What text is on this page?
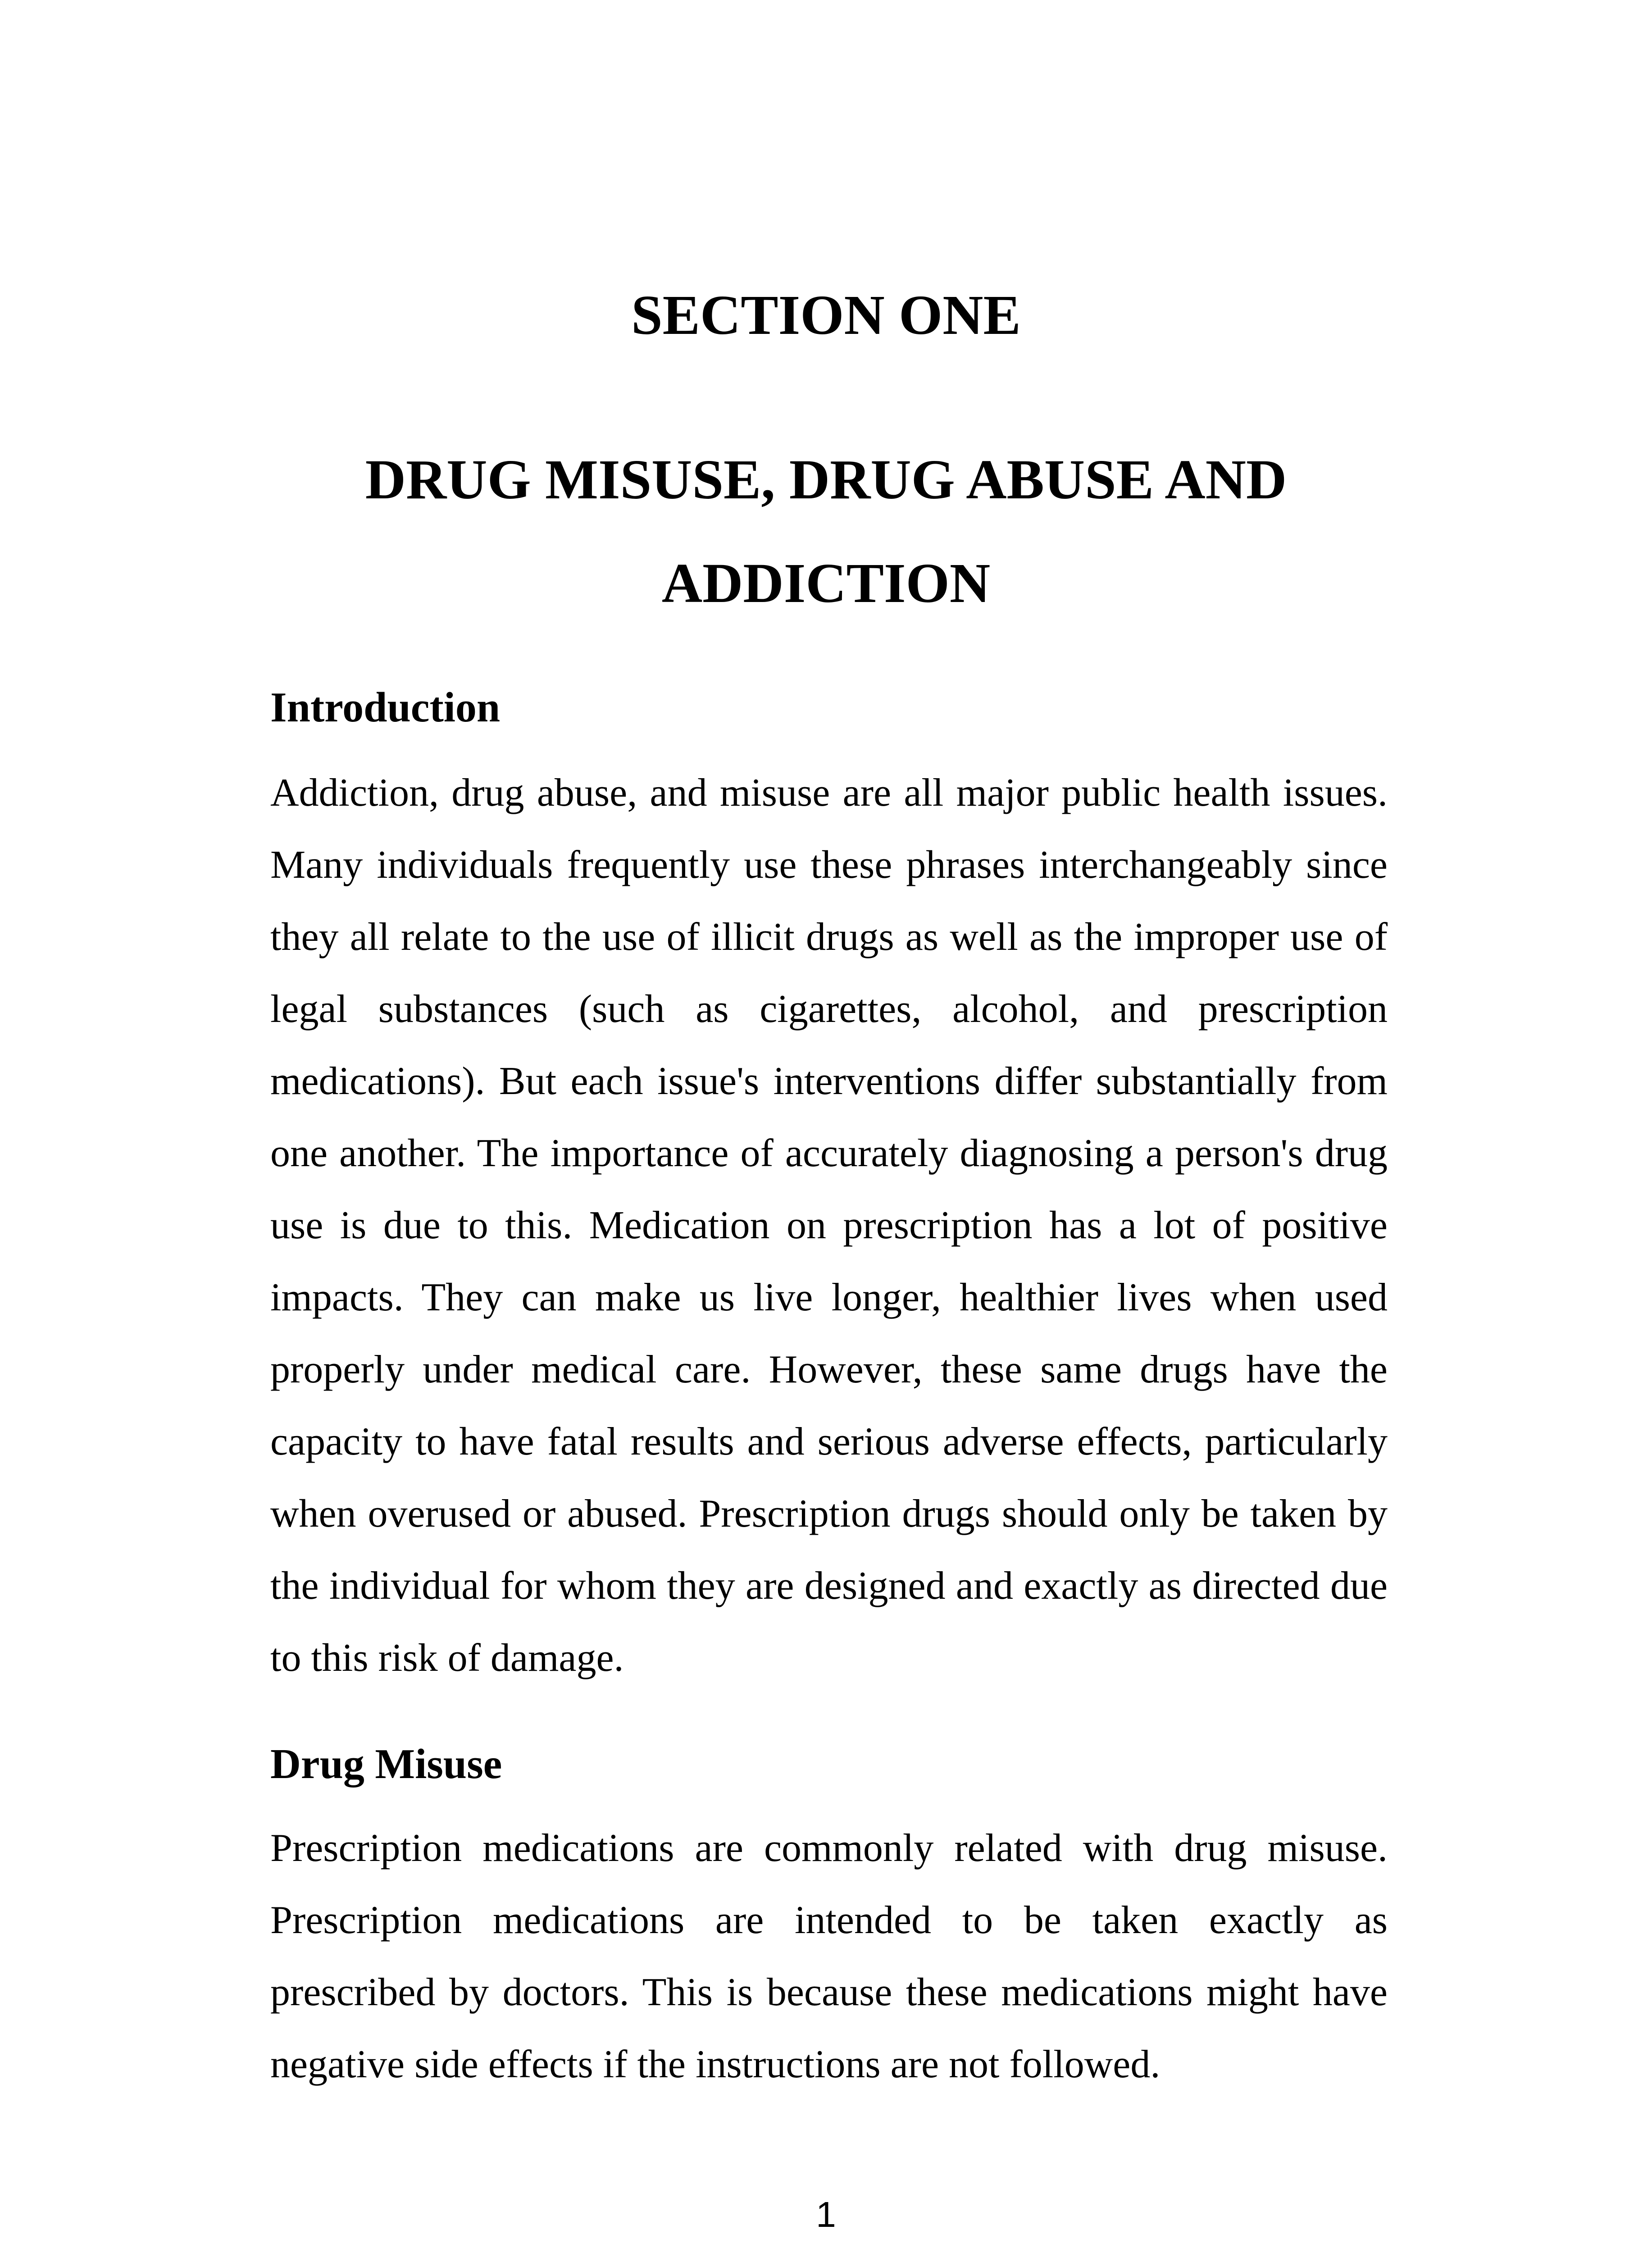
SECTION ONE
DRUG MISUSE, DRUG ABUSE AND
ADDICTION
Introduction

Addiction, drug abuse, and misuse are all major public health issues. Many individuals frequently use these phrases interchangeably since they all relate to the use of illicit drugs as well as the improper use of legal substances (such as cigarettes, alcohol, and prescription medications). But each issue's interventions differ substantially from one another. The importance of accurately diagnosing a person's drug use is due to this. Medication on prescription has a lot of positive impacts. They can make us live longer, healthier lives when used properly under medical care. However, these same drugs have the capacity to have fatal results and serious adverse effects, particularly when overused or abused. Prescription drugs should only be taken by the individual for whom they are designed and exactly as directed due to this risk of damage.

Drug Misuse

Prescription medications are commonly related with drug misuse. Prescription medications are intended to be taken exactly as prescribed by doctors. This is because these medications might have negative side effects if the instructions are not followed.

1
